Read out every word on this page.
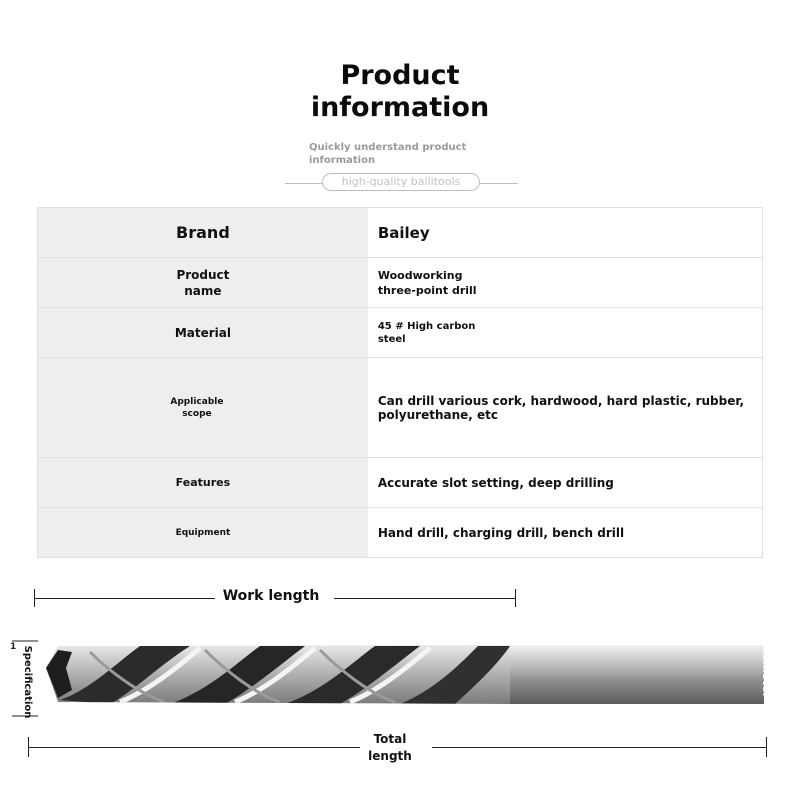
Product
information
Quickly understand product information
high-quality bailitools
Brand	Bailey
Product name	Woodworking three-point drill
Material	45 # High carbon steel
Applicable scope	Can drill various cork, hardwood, hard plastic, rubber, polyurethane, etc
Features	Accurate slot setting, deep drilling
Equipment	Hand drill, charging drill, bench drill
Work length
1 Specification	diameter
Total length
